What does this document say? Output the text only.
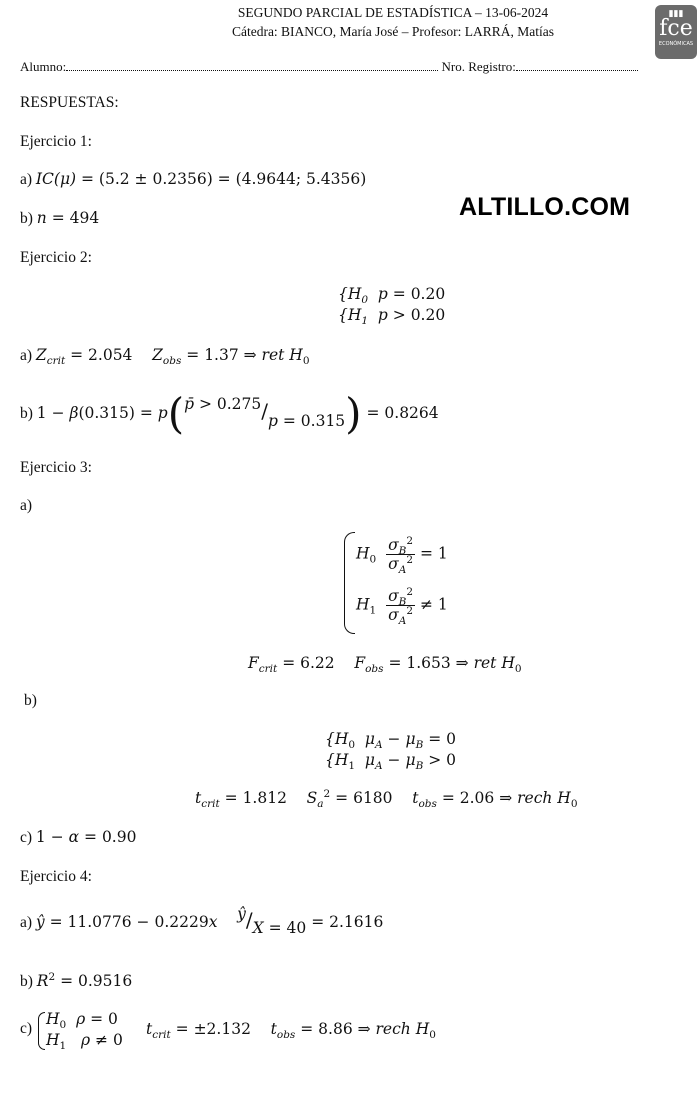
SEGUNDO PARCIAL DE ESTADÍSTICA – 13-06-2024
Cátedra: BIANCO, María José – Profesor: LARRÁ, Matías
▮▮▮
fce
ECONÓMICAS
Alumno:	Nro. Registro:
RESPUESTAS:
Ejercicio 1:
a) IC(μ) = (5.2 ± 0.2356) = (4.9644; 5.4356)
ALTILLO.COM
b) n = 494
Ejercicio 2:
{$H_0$  p = 0.20
{$H_1$  p > 0.20
a) $Z_{crit} = 2.054$    $Z_{obs} = 1.37$ ⇒ ret $H_0$
b) 1 − β(0.315) = p(p̄ > 0.275/p = 0.315) = 0.8264
Ejercicio 3:
a)
$H_0 \frac{\sigma_B^2}{\sigma_A^2} = 1$
$H_1 \frac{\sigma_B^2}{\sigma_A^2} \ne 1$
$F_{crit} = 6.22$    $F_{obs} = 1.653$ ⇒ ret $H_0$
b)
{$H_0$  $\mu_A - \mu_B = 0$
{$H_1$  $\mu_A - \mu_B > 0$
$t_{crit} = 1.812$    $S_a^2 = 6180$    $t_{obs} = 2.06$ ⇒ rech $H_0$
c) 1 − α = 0.90
Ejercicio 4:
a) ŷ = 11.0776 − 0.2229x    ŷ/X = 40 = 2.1616
b) $R^2 = 0.9516$
c)
$H_0$  ρ = 0
$H_1$   ρ ≠ 0
$t_{crit} = \pm 2.132$    $t_{obs} = 8.86$ ⇒ rech $H_0$
